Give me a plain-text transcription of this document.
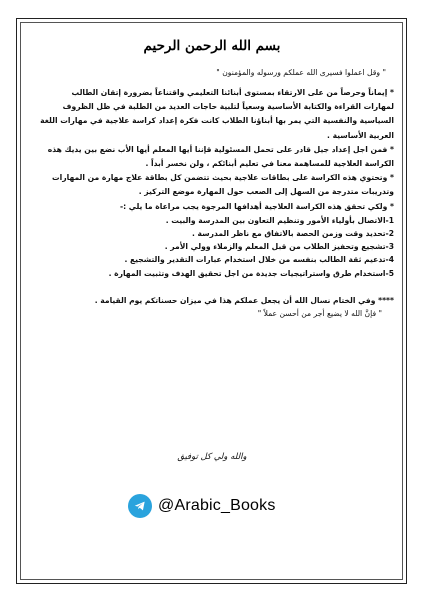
بسم الله الرحمن الرحيم
" وقل اعملوا فسيرى الله عملكم ورسوله والمؤمنون "
* إيماناً وحرصاً من على الارتقاء بمستوى أبنائنا التعليمي واقتناعاً بضرورة إتقان الطالب
لمهارات القراءة والكتابة الأساسية وسعياً لتلبية حاجات العديد من الطلبة في ظل الظروف
السياسية والنفسية التي يمر بها أبناؤنا الطلاب كانت فكرة إعداد كراسة علاجية في مهارات اللغة
العربية الأساسية .
* فمن اجل إعداد جيل قادر على تحمل المسئولية قإننا أيها المعلم أيها الأب نضع بين يديك هذه
الكراسة العلاجية للمساهمة معنا في تعليم أبنائكم ، ولن نخسر أبداً .
* وتحتوي هذه الكراسة على بطاقات علاجية بحيث تتضمن كل بطاقة علاج مهارة من المهارات
وتدريبات متدرجة من السهل إلى الصعب حول المهارة موضع التركيز .
* ولكي تحقق هذه الكراسة العلاجية أهدافها المرجوة يجب مراعاة ما يلي :-
1-الاتصال بأولياء الأمور وتنظيم التعاون بين المدرسة والبيت .
2-تحديد وقت وزمن الحصة بالاتفاق مع ناظر المدرسة .
3-تشجيع وتحفيز الطلاب من قبل المعلم والزملاء وولي الأمر .
4-تدعيم ثقة الطالب بنفسه من خلال استخدام عبارات التقدير والتشجيع .
5-استخدام طرق واستراتيجيات جديدة من اجل تحقيق الهدف وتثبيت المهارة .
**** وفي الختام نسال الله أن يجعل عملكم هذا في ميزان حسناتكم يوم القيامة .
" فإنَّ الله لا يضيع أجر من أحسن عملاً "
والله ولي كل توفيق
@Arabic_Books
